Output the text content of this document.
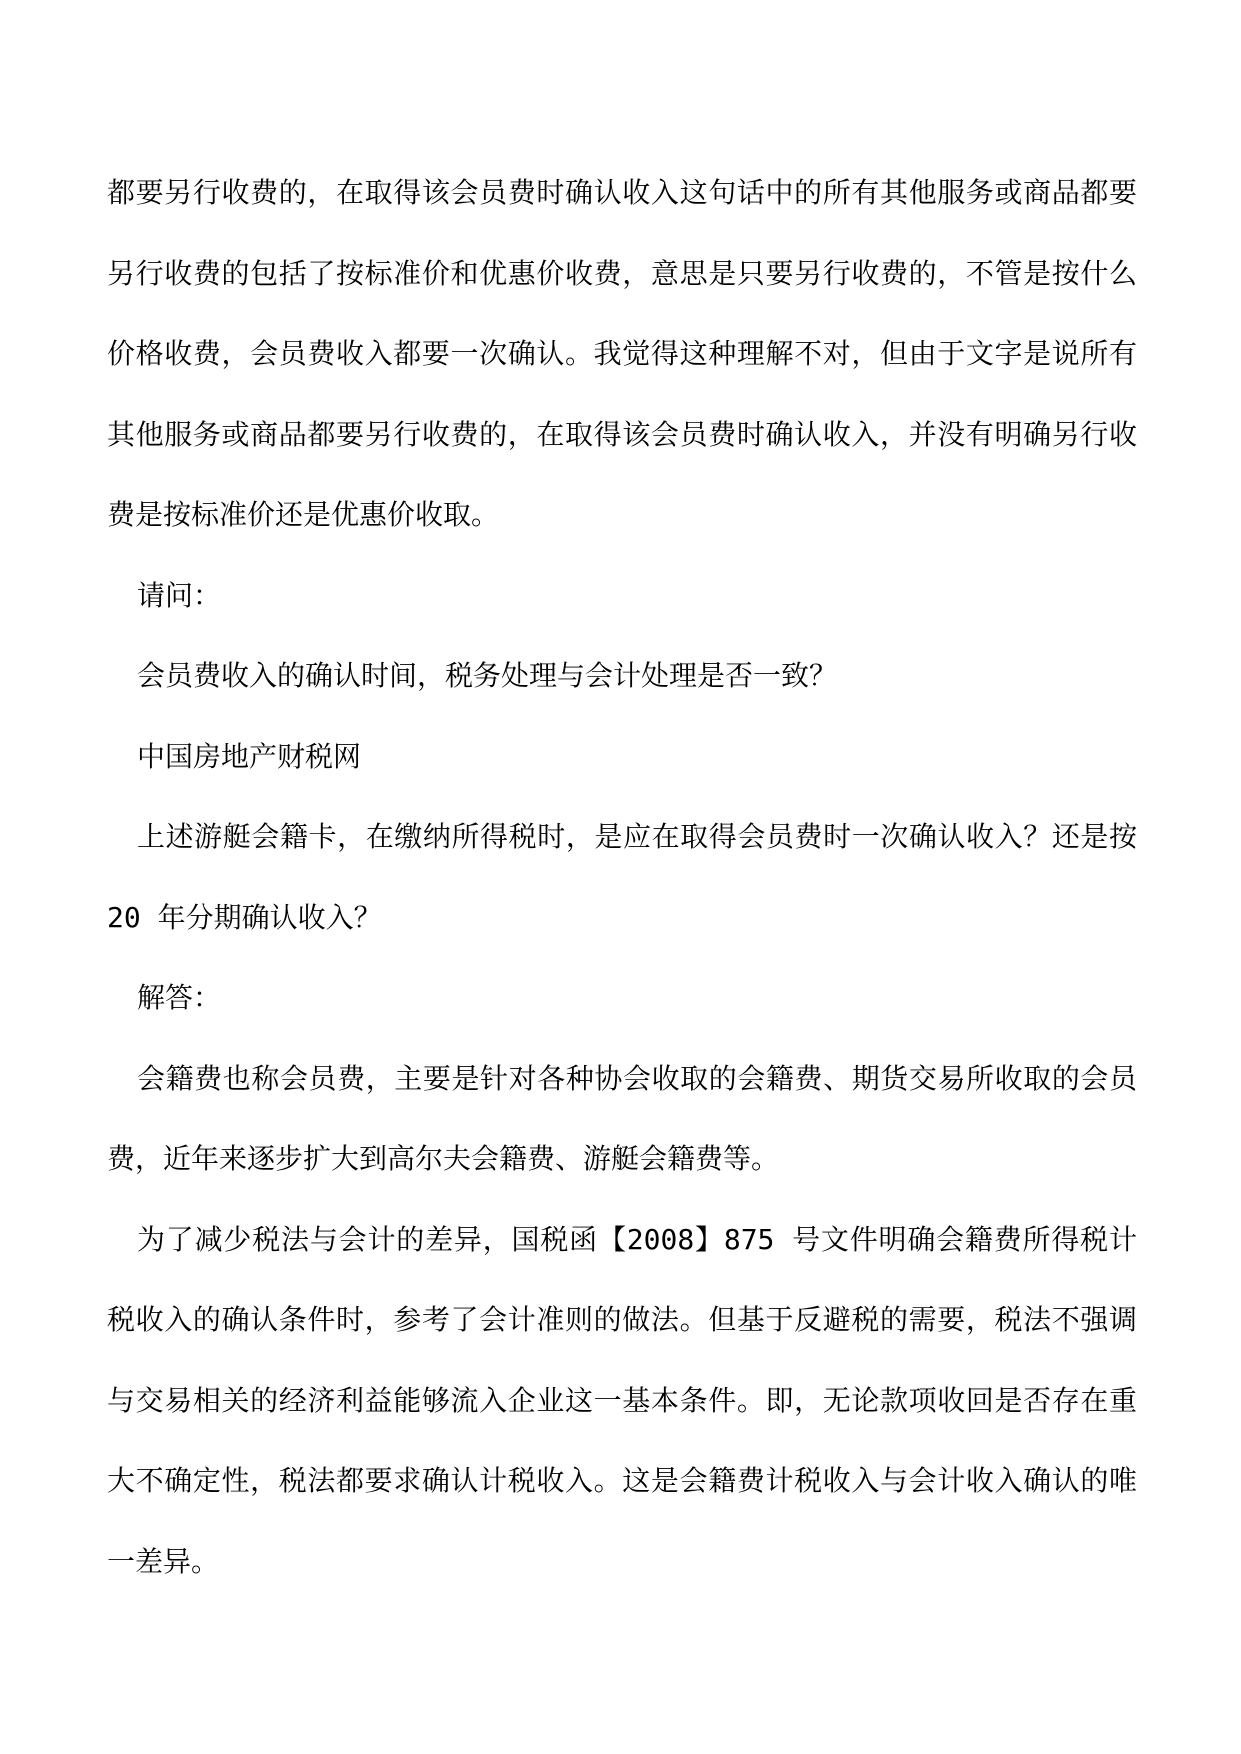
都要另行收费的，在取得该会员费时确认收入这句话中的所有其他服务或商品都要另行收费的包括了按标准价和优惠价收费，意思是只要另行收费的，不管是按什么价格收费，会员费收入都要一次确认。我觉得这种理解不对，但由于文字是说所有其他服务或商品都要另行收费的，在取得该会员费时确认收入，并没有明确另行收费是按标准价还是优惠价收取。

请问：

会员费收入的确认时间，税务处理与会计处理是否一致？

中国房地产财税网

上述游艇会籍卡，在缴纳所得税时，是应在取得会员费时一次确认收入？还是按 20 年分期确认收入？

解答：

会籍费也称会员费，主要是针对各种协会收取的会籍费、期货交易所收取的会员费，近年来逐步扩大到高尔夫会籍费、游艇会籍费等。

为了减少税法与会计的差异，国税函【2008】875 号文件明确会籍费所得税计税收入的确认条件时，参考了会计准则的做法。但基于反避税的需要，税法不强调与交易相关的经济利益能够流入企业这一基本条件。即，无论款项收回是否存在重大不确定性，税法都要求确认计税收入。这是会籍费计税收入与会计收入确认的唯一差异。
